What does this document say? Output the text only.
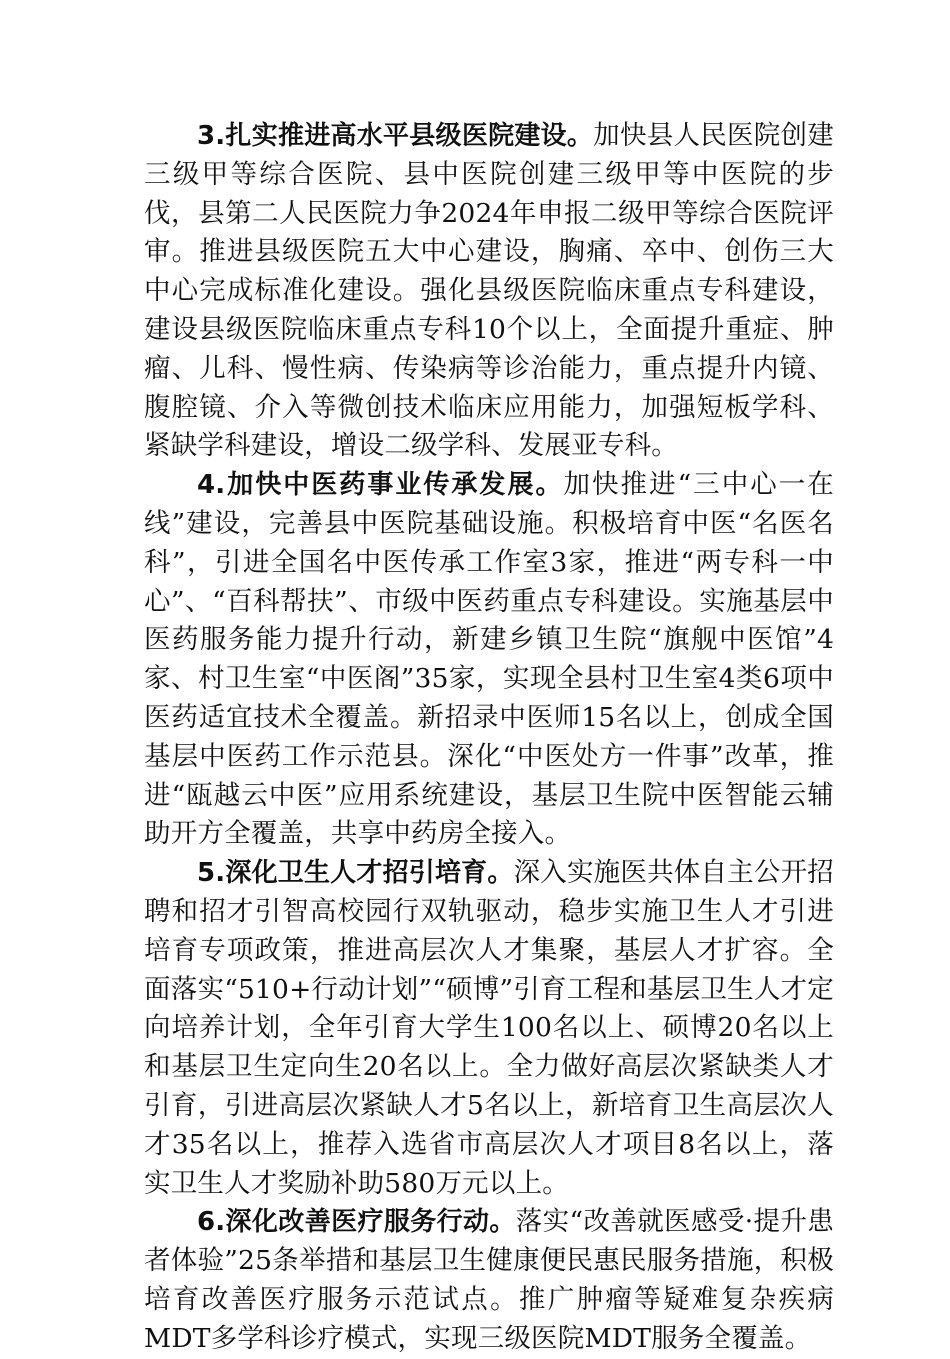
3.扎实推进高水平县级医院建设。加快县人民医院创建三级甲等综合医院、县中医院创建三级甲等中医院的步伐，县第二人民医院力争2024年申报二级甲等综合医院评审。推进县级医院五大中心建设，胸痛、卒中、创伤三大中心完成标准化建设。强化县级医院临床重点专科建设，建设县级医院临床重点专科10个以上，全面提升重症、肿瘤、儿科、慢性病、传染病等诊治能力，重点提升内镜、腹腔镜、介入等微创技术临床应用能力，加强短板学科、紧缺学科建设，增设二级学科、发展亚专科。

4.加快中医药事业传承发展。加快推进“三中心一在线”建设，完善县中医院基础设施。积极培育中医“名医名科”，引进全国名中医传承工作室3家，推进“两专科一中心”、“百科帮扶”、市级中医药重点专科建设。实施基层中医药服务能力提升行动，新建乡镇卫生院“旗舰中医馆”4家、村卫生室“中医阁”35家，实现全县村卫生室4类6项中医药适宜技术全覆盖。新招录中医师15名以上，创成全国基层中医药工作示范县。深化“中医处方一件事”改革，推进“瓯越云中医”应用系统建设，基层卫生院中医智能云辅助开方全覆盖，共享中药房全接入。

5.深化卫生人才招引培育。深入实施医共体自主公开招聘和招才引智高校园行双轨驱动，稳步实施卫生人才引进培育专项政策，推进高层次人才集聚，基层人才扩容。全面落实“510+行动计划”“硕博”引育工程和基层卫生人才定向培养计划，全年引育大学生100名以上、硕博20名以上和基层卫生定向生20名以上。全力做好高层次紧缺类人才引育，引进高层次紧缺人才5名以上，新培育卫生高层次人才35名以上，推荐入选省市高层次人才项目8名以上，落实卫生人才奖励补助580万元以上。

6.深化改善医疗服务行动。落实“改善就医感受·提升患者体验”25条举措和基层卫生健康便民惠民服务措施，积极培育改善医疗服务示范试点。推广肿瘤等疑难复杂疾病MDT多学科诊疗模式，实现三级医院MDT服务全覆盖。
